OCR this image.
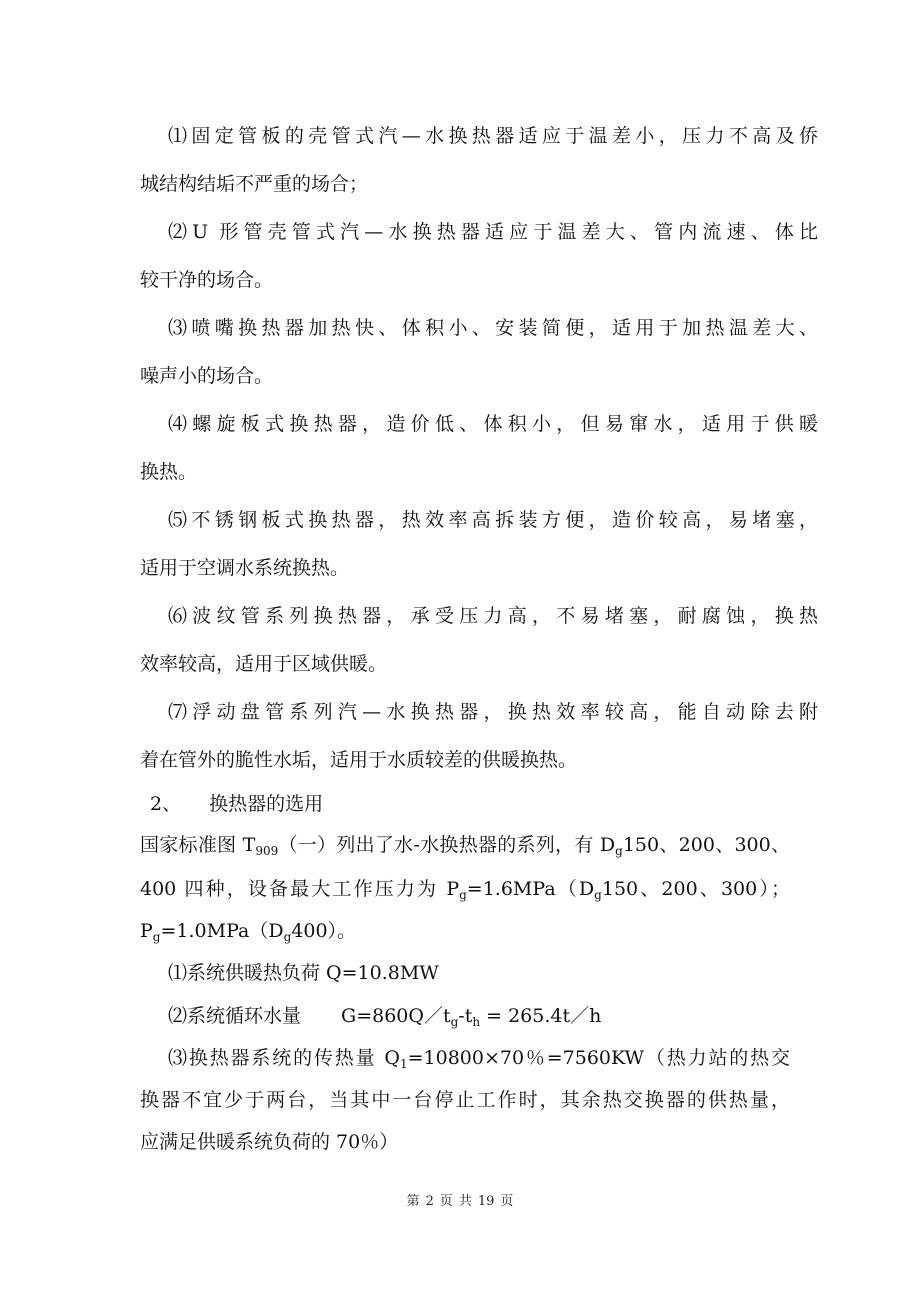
⑴固定管板的壳管式汽—水换热器适应于温差小，压力不高及侨
城结构结垢不严重的场合；
⑵U 形管壳管式汽—水换热器适应于温差大、管内流速、体比
较干净的场合。
⑶喷嘴换热器加热快、体积小、安装简便，适用于加热温差大、
噪声小的场合。
⑷螺旋板式换热器，造价低、体积小，但易窜水，适用于供暖
换热。
⑸不锈钢板式换热器，热效率高拆装方便，造价较高，易堵塞，
适用于空调水系统换热。
⑹波纹管系列换热器，承受压力高，不易堵塞，耐腐蚀，换热
效率较高，适用于区域供暖。
⑺浮动盘管系列汽—水换热器，换热效率较高，能自动除去附
着在管外的脆性水垢，适用于水质较差的供暖换热。
2、 换热器的选用
国家标准图 $T_{909}$（一）列出了水-水换热器的系列，有 $D_g150$、200、300、
400 四种，设备最大工作压力为 $P_g=1.6MPa(D_g150$、200、300）；
$P_g=1.0MPa(D_g400)$。
⑴系统供暖热负荷 Q=10.8MW
⑵系统循环水量 $G=860Q/t_g-t_h$ = 265.4t／h
⑶换热器系统的传热量 $Q_1=10800\times 70$％=7560KW（热力站的热交
换器不宜少于两台，当其中一台停止工作时，其余热交换器的供热量，
应满足供暖系统负荷的 70％）
第 2 页 共 19 页
